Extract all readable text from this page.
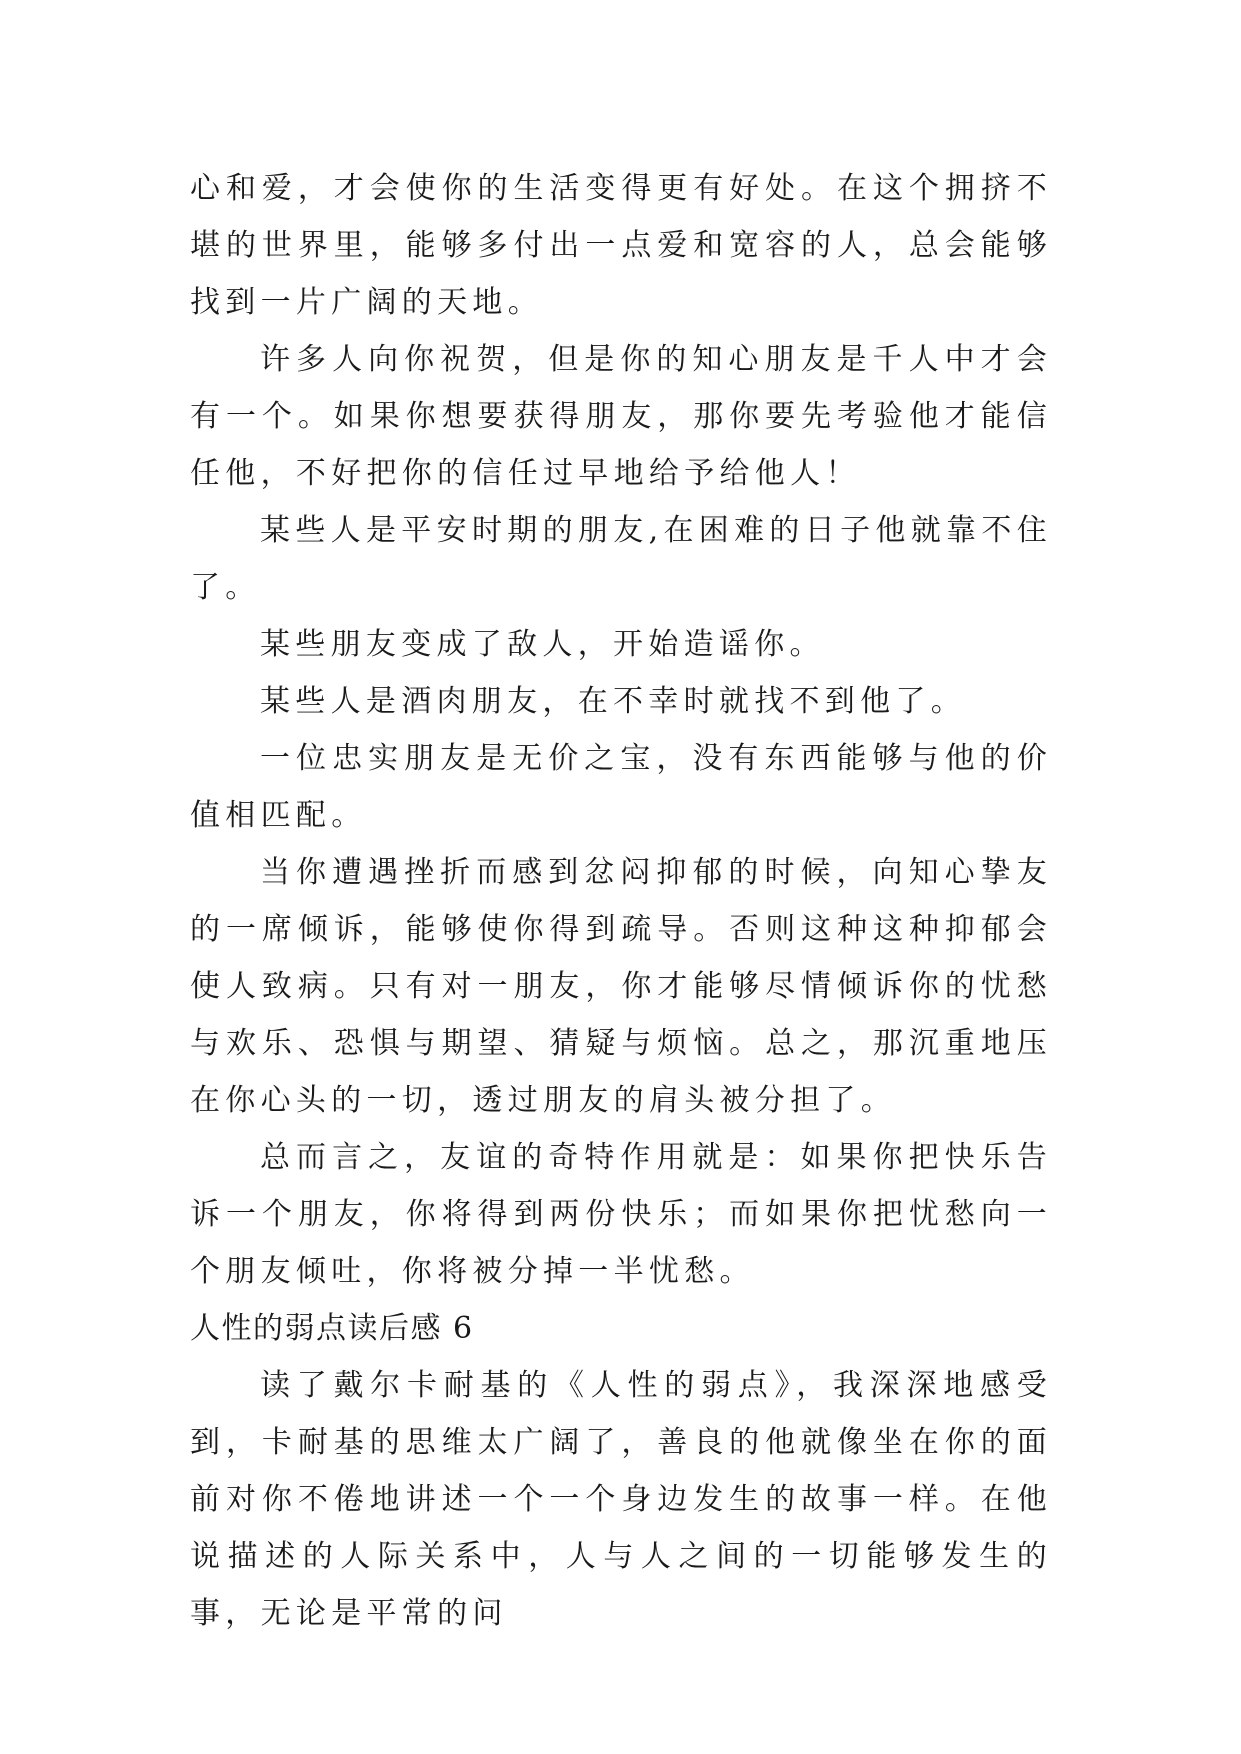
心和爱，才会使你的生活变得更有好处。在这个拥挤不堪的世界里，能够多付出一点爱和宽容的人，总会能够找到一片广阔的天地。

许多人向你祝贺，但是你的知心朋友是千人中才会有一个。如果你想要获得朋友，那你要先考验他才能信任他，不好把你的信任过早地给予给他人！

某些人是平安时期的朋友,在困难的日子他就靠不住了。

某些朋友变成了敌人，开始造谣你。

某些人是酒肉朋友，在不幸时就找不到他了。

一位忠实朋友是无价之宝，没有东西能够与他的价值相匹配。

当你遭遇挫折而感到忿闷抑郁的时候，向知心挚友的一席倾诉，能够使你得到疏导。否则这种这种抑郁会使人致病。只有对一朋友，你才能够尽情倾诉你的忧愁与欢乐、恐惧与期望、猜疑与烦恼。总之，那沉重地压在你心头的一切，透过朋友的肩头被分担了。

总而言之，友谊的奇特作用就是：如果你把快乐告诉一个朋友，你将得到两份快乐；而如果你把忧愁向一个朋友倾吐，你将被分掉一半忧愁。

人性的弱点读后感 6

读了戴尔卡耐基的《人性的弱点》，我深深地感受到，卡耐基的思维太广阔了，善良的他就像坐在你的面前对你不倦地讲述一个一个身边发生的故事一样。在他说描述的人际关系中，人与人之间的一切能够发生的事，无论是平常的问
